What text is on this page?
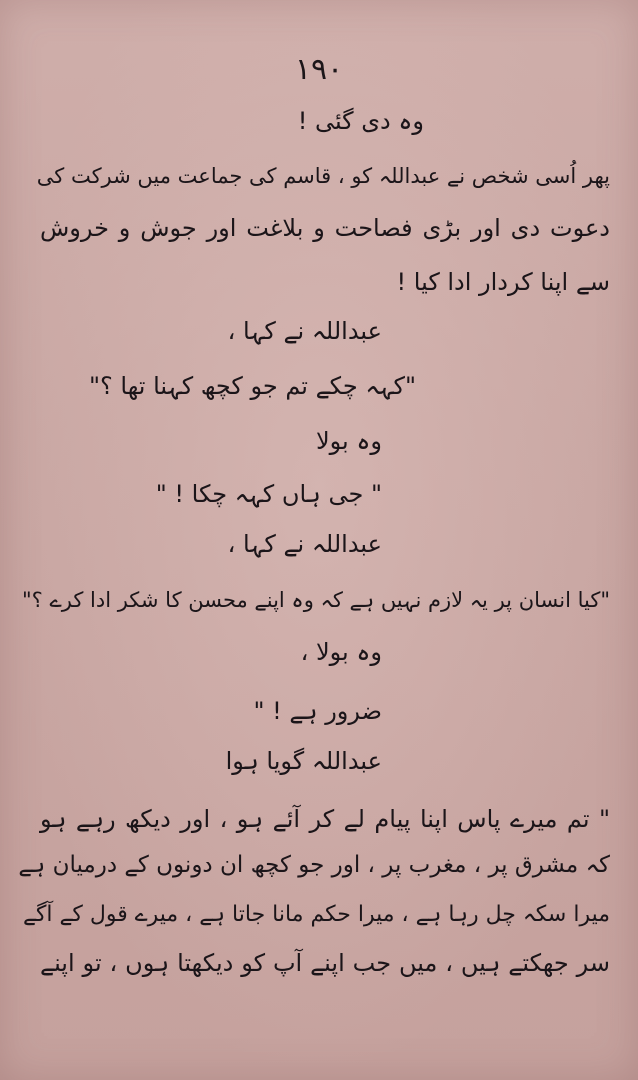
۱۹۰
وہ دی گئی !
پھر اُسی شخص نے عبداللہ کو ، قاسم کی جماعت میں شرکت کی
دعوت دی اور بڑی فصاحت و بلاغت اور جوش و خروش
سے اپنا کردار ادا کیا !
عبداللہ نے کہا ،
"کہہ چکے تم جو کچھ کہنا تھا ؟"
وہ بولا
" جی ہاں کہہ چکا ! "
عبداللہ نے کہا ،
"کیا انسان پر یہ لازم نہیں ہے کہ وہ اپنے محسن کا شکر ادا کرے ؟"
وہ بولا ،
ضرور ہے ! "
عبداللہ گویا ہوا
" تم میرے پاس اپنا پیام لے کر آئے ہو ، اور دیکھ رہے ہو
کہ مشرق پر ، مغرب پر ، اور جو کچھ ان دونوں کے درمیان ہے
میرا سکہ چل رہا ہے ، میرا حکم مانا جاتا ہے ، میرے قول کے آگے
سر جھکتے ہیں ، میں جب اپنے آپ کو دیکھتا ہوں ، تو اپنے
